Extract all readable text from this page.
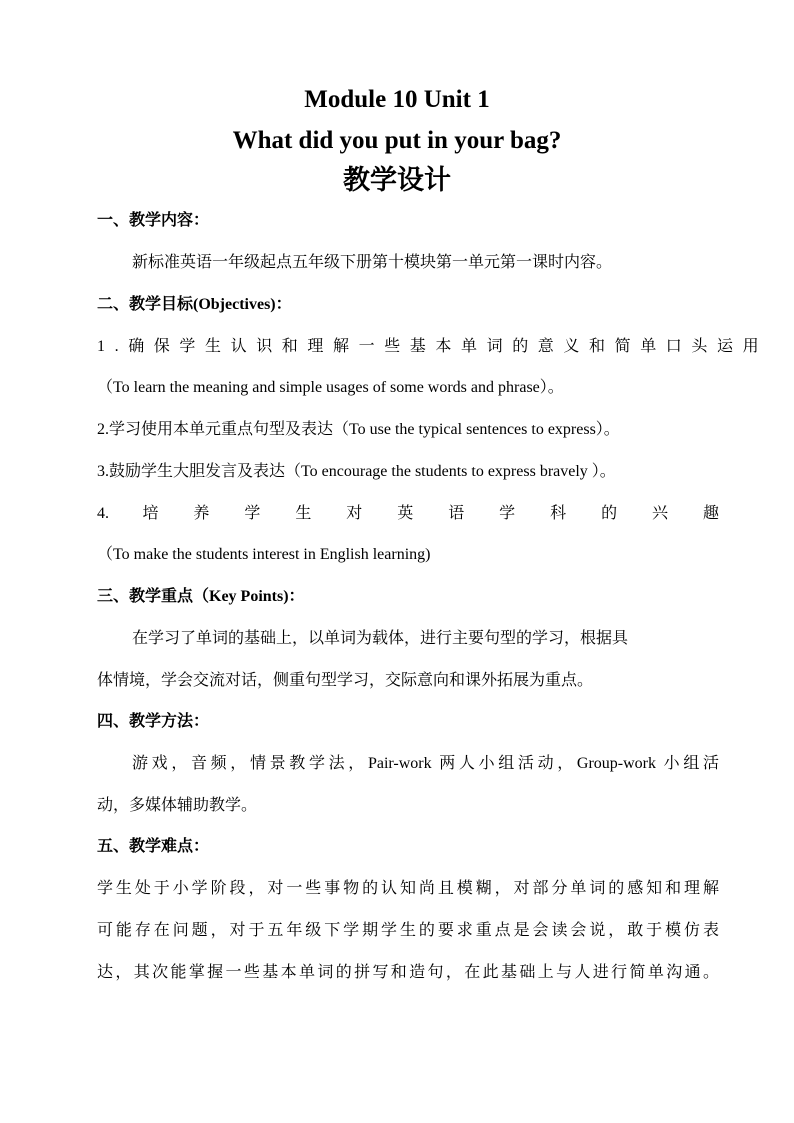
Module 10 Unit 1
What did you put in your bag?
教学设计
一、教学内容：
新标准英语一年级起点五年级下册第十模块第一单元第一课时内容。
二、教学目标(Objectives)：
1.确保学生认识和理解一些基本单词的意义和简单口头运用
（To learn the meaning and simple usages of some words and phrase）。
2.学习使用本单元重点句型及表达（To use the typical sentences to express）。
3.鼓励学生大胆发言及表达（To encourage the students to express bravely ）。
4. 培 养 学 生 对 英 语 学 科 的 兴 趣
（To make the students interest in English learning)
三、教学重点（Key Points)：
在学习了单词的基础上，以单词为载体，进行主要句型的学习，根据具
体情境，学会交流对话，侧重句型学习，交际意向和课外拓展为重点。
四、教学方法：
游戏，音频，情景教学法，Pair-work 两人小组活动，Group-work 小组活
动，多媒体辅助教学。
五、教学难点：
学生处于小学阶段，对一些事物的认知尚且模糊，对部分单词的感知和理解
可能存在问题，对于五年级下学期学生的要求重点是会读会说，敢于模仿表
达，其次能掌握一些基本单词的拼写和造句，在此基础上与人进行简单沟通。
